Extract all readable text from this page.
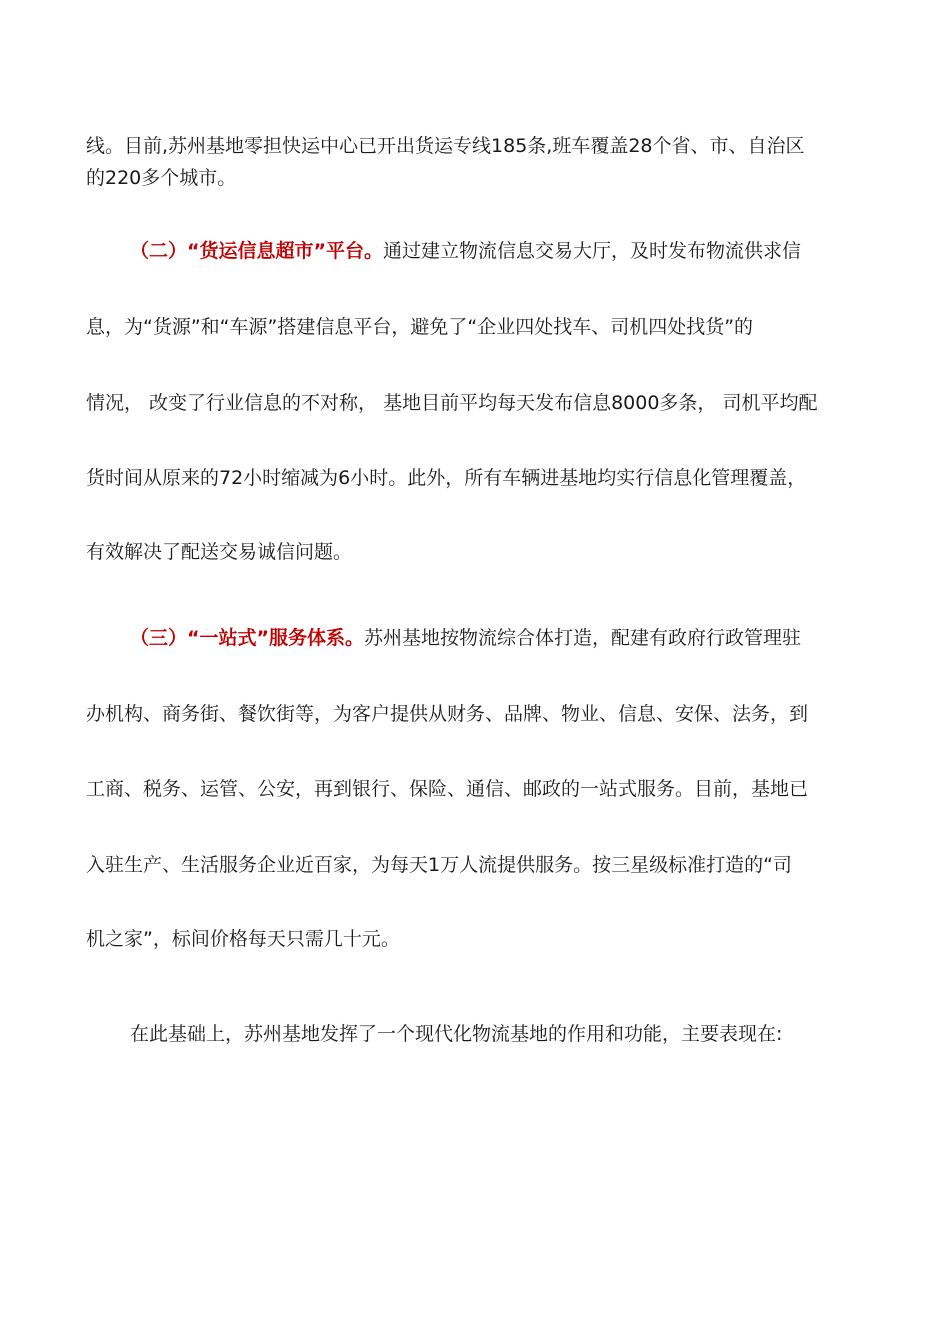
线。目前,苏州基地零担快运中心已开出货运专线185条,班车覆盖28个省、市、自治区
的220多个城市。
（二）“货运信息超市”平台。通过建立物流信息交易大厅，及时发布物流供求信
息，为“货源”和“车源”搭建信息平台，避免了“企业四处找车、司机四处找货”的
情况， 改变了行业信息的不对称， 基地目前平均每天发布信息8000多条， 司机平均配
货时间从原来的72小时缩减为6小时。此外，所有车辆进基地均实行信息化管理覆盖，
有效解决了配送交易诚信问题。
（三）“一站式”服务体系。苏州基地按物流综合体打造，配建有政府行政管理驻
办机构、商务街、餐饮街等，为客户提供从财务、品牌、物业、信息、安保、法务，到
工商、税务、运管、公安，再到银行、保险、通信、邮政的一站式服务。目前，基地已
入驻生产、生活服务企业近百家，为每天1万人流提供服务。按三星级标准打造的“司
机之家”，标间价格每天只需几十元。
在此基础上，苏州基地发挥了一个现代化物流基地的作用和功能，主要表现在:
